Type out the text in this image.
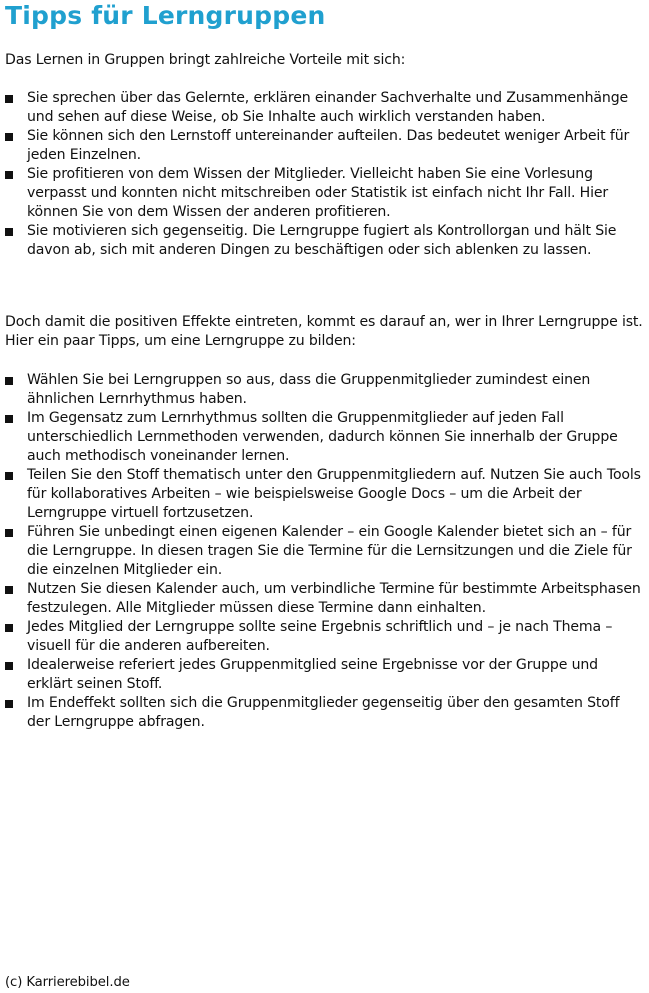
Tipps für Lerngruppen

Das Lernen in Gruppen bringt zahlreiche Vorteile mit sich:

Sie sprechen über das Gelernte, erklären einander Sachverhalte und Zusammenhänge und sehen auf diese Weise, ob Sie Inhalte auch wirklich verstanden haben.
Sie können sich den Lernstoff untereinander aufteilen. Das bedeutet weniger Arbeit für jeden Einzelnen.
Sie profitieren von dem Wissen der Mitglieder. Vielleicht haben Sie eine Vorlesung verpasst und konnten nicht mitschreiben oder Statistik ist einfach nicht Ihr Fall. Hier können Sie von dem Wissen der anderen profitieren.
Sie motivieren sich gegenseitig. Die Lerngruppe fugiert als Kontrollorgan und hält Sie davon ab, sich mit anderen Dingen zu beschäftigen oder sich ablenken zu lassen.

Doch damit die positiven Effekte eintreten, kommt es darauf an, wer in Ihrer Lerngruppe ist. Hier ein paar Tipps, um eine Lerngruppe zu bilden:

Wählen Sie bei Lerngruppen so aus, dass die Gruppenmitglieder zumindest einen ähnlichen Lernrhythmus haben.
Im Gegensatz zum Lernrhythmus sollten die Gruppenmitglieder auf jeden Fall unterschiedlich Lernmethoden verwenden, dadurch können Sie innerhalb der Gruppe auch methodisch voneinander lernen.
Teilen Sie den Stoff thematisch unter den Gruppenmitgliedern auf. Nutzen Sie auch Tools für kollaboratives Arbeiten – wie beispielsweise Google Docs – um die Arbeit der Lerngruppe virtuell fortzusetzen.
Führen Sie unbedingt einen eigenen Kalender – ein Google Kalender bietet sich an – für die Lerngruppe. In diesen tragen Sie die Termine für die Lernsitzungen und die Ziele für die einzelnen Mitglieder ein.
Nutzen Sie diesen Kalender auch, um verbindliche Termine für bestimmte Arbeitsphasen festzulegen. Alle Mitglieder müssen diese Termine dann einhalten.
Jedes Mitglied der Lerngruppe sollte seine Ergebnis schriftlich und – je nach Thema – visuell für die anderen aufbereiten.
Idealerweise referiert jedes Gruppenmitglied seine Ergebnisse vor der Gruppe und erklärt seinen Stoff.
Im Endeffekt sollten sich die Gruppenmitglieder gegenseitig über den gesamten Stoff der Lerngruppe abfragen.
(c) Karrierebibel.de
